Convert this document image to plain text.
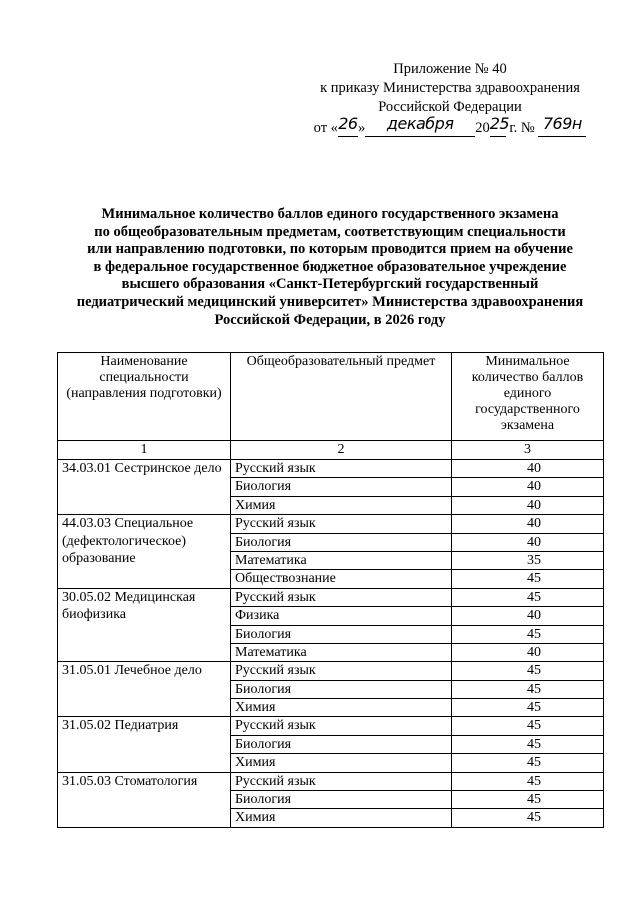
Приложение № 40
к приказу Министерства здравоохранения
Российской Федерации
от «26» декабря 2025 г. № 769н
Минимальное количество баллов единого государственного экзамена
по общеобразовательным предметам, соответствующим специальности
или направлению подготовки, по которым проводится прием на обучение
в федеральное государственное бюджетное образовательное учреждение
высшего образования «Санкт-Петербургский государственный
педиатрический медицинский университет» Министерства здравоохранения
Российской Федерации, в 2026 году
Наименование специальности (направления подготовки)	Общеобразовательный предмет	Минимальное количество баллов единого государственного экзамена
1	2	3
34.03.01 Сестринское дело	Русский язык	40
	Биология	40
	Химия	40
44.03.03 Специальное (дефектологическое) образование	Русский язык	40
	Биология	40
	Математика	35
	Обществознание	45
30.05.02 Медицинская биофизика	Русский язык	45
	Физика	40
	Биология	45
	Математика	40
31.05.01 Лечебное дело	Русский язык	45
	Биология	45
	Химия	45
31.05.02 Педиатрия	Русский язык	45
	Биология	45
	Химия	45
31.05.03 Стоматология	Русский язык	45
	Биология	45
	Химия	45
